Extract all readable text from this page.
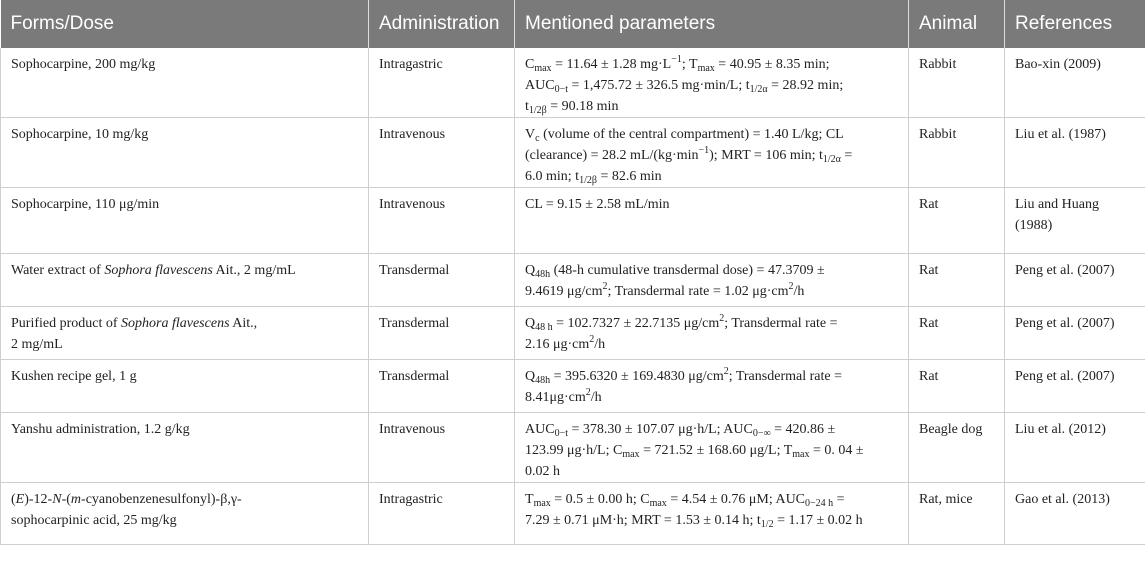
Forms/Dose	Administration	Mentioned parameters	Animal	References
Sophocarpine, 200 mg/kg	Intragastric	$C_{max} = 11.64 \pm 1.28$ $mg\cdot L^{-1}$; $T_{max} = 40.95 \pm 8.35$ min;
$AUC_{0-t} = 1,475.72 \pm 326.5$ mg·min/L; $t_{1/2\alpha} = 28.92$ min;
$t_{1/2\beta} = 90.18$ min	Rabbit	Bao-xin (2009)
Sophocarpine, 10 mg/kg	Intravenous	$V_c$ (volume of the central compartment) = 1.40 L/kg; CL
(clearance) = 28.2 $mL/(kg\cdot\min^{-1})$; MRT = 106 min; $t_{1/2\alpha}$ =
6.0 min; $t_{1/2\beta} = 82.6$ min	Rabbit	Liu et al. (1987)
Sophocarpine, 110 μg/min	Intravenous	CL = 9.15 ± 2.58 mL/min	Rat	Liu and Huang
(1988)
Water extract of Sophora flavescens Ait., 2 mg/mL	Transdermal	$Q_{48h}$ (48-h cumulative transdermal dose) = 47.3709 ±
9.4619 $\mu g/cm^2$; Transdermal rate = 1.02 $\mu g\cdot cm^2/h$	Rat	Peng et al. (2007)
Purified product of Sophora flavescens Ait.,
2 mg/mL	Transdermal	$Q_{48 h} = 102.7327 \pm 22.7135$ $\mu g/cm^2$; Transdermal rate =
2.16 $\mu g\cdot cm^2/h$	Rat	Peng et al. (2007)
Kushen recipe gel, 1 g	Transdermal	$Q_{48h} = 395.6320 \pm 169.4830$ $\mu g/cm^2$; Transdermal rate =
$8.41\mu g\cdot cm^2/h$	Rat	Peng et al. (2007)
Yanshu administration, 1.2 g/kg	Intravenous	$AUC_{0-t} = 378.30 \pm 107.07$ μg·h/L; $AUC_{0-\infty} = 420.86$ ±
123.99 μg·h/L; $C_{max} = 721.52 \pm 168.60$ μg/L; $T_{max} = 0$. 04 ±
0.02 h	Beagle dog	Liu et al. (2012)
(E)-12-N-(m-cyanobenzenesulfonyl)-β,γ-
sophocarpinic acid, 25 mg/kg	Intragastric	$T_{max} = 0.5 \pm 0.00$ h; $C_{max} = 4.54 \pm 0.76$ μM; $AUC_{0-24 h}$ =
7.29 ± 0.71 μM·h; MRT = 1.53 ± 0.14 h; $t_{1/2} = 1.17 \pm 0.02$ h	Rat, mice	Gao et al. (2013)
